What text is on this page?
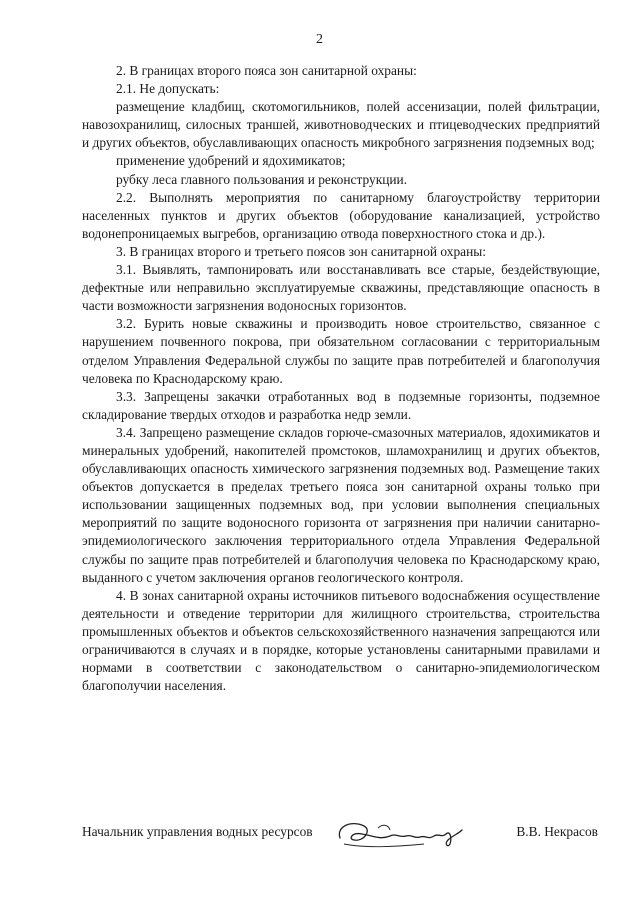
2

2. В границах второго пояса зон санитарной охраны:

2.1. Не допускать:

размещение кладбищ, скотомогильников, полей ассенизации, полей фильтрации, навозохранилищ, силосных траншей, животноводческих и птицеводческих предприятий и других объектов, обуславливающих опасность микробного загрязнения подземных вод;

применение удобрений и ядохимикатов;

рубку леса главного пользования и реконструкции.

2.2. Выполнять мероприятия по санитарному благоустройству территории населенных пунктов и других объектов (оборудование канализацией, устройство водонепроницаемых выгребов, организацию отвода поверхностного стока и др.).

3. В границах второго и третьего поясов зон санитарной охраны:

3.1. Выявлять, тампонировать или восстанавливать все старые, бездействующие, дефектные или неправильно эксплуатируемые скважины, представляющие опасность в части возможности загрязнения водоносных горизонтов.

3.2. Бурить новые скважины и производить новое строительство, связанное с нарушением почвенного покрова, при обязательном согласовании с территориальным отделом Управления Федеральной службы по защите прав потребителей и благополучия человека по Краснодарскому краю.

3.3. Запрещены закачки отработанных вод в подземные горизонты, подземное складирование твердых отходов и разработка недр земли.

3.4. Запрещено размещение складов горюче-смазочных материалов, ядохимикатов и минеральных удобрений, накопителей промстоков, шламохранилищ и других объектов, обуславливающих опасность химического загрязнения подземных вод. Размещение таких объектов допускается в пределах третьего пояса зон санитарной охраны только при использовании защищенных подземных вод, при условии выполнения специальных мероприятий по защите водоносного горизонта от загрязнения при наличии санитарно-эпидемиологического заключения территориального отдела Управления Федеральной службы по защите прав потребителей и благополучия человека по Краснодарскому краю, выданного с учетом заключения органов геологического контроля.

4. В зонах санитарной охраны источников питьевого водоснабжения осуществление деятельности и отведение территории для жилищного строительства, строительства промышленных объектов и объектов сельскохозяйственного назначения запрещаются или ограничиваются в случаях и в порядке, которые установлены санитарными правилами и нормами в соответствии с законодательством о санитарно-эпидемиологическом благополучии населения.

Начальник управления водных ресурсов	В.В. Некрасов
